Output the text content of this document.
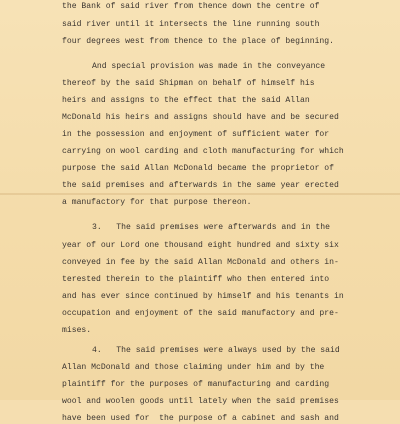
the Bank of said river from thence down the centre of
said river until it intersects the line running south
four degrees west from thence to the place of beginning.
And special provision was made in the conveyance
thereof by the said Shipman on behalf of himself his
heirs and assigns to the effect that the said Allan
McDonald his heirs and assigns should have and be secured
in the possession and enjoyment of sufficient water for
carrying on wool carding and cloth manufacturing for which
purpose the said Allan McDonald became the proprietor of
the said premises and afterwards in the same year erected
a manufactory for that purpose thereon.
3.   The said premises were afterwards and in the
year of our Lord one thousand eight hundred and sixty six
conveyed in fee by the said Allan McDonald and others in-
terested therein to the plaintiff who then entered into
and has ever since continued by himself and his tenants in
occupation and enjoyment of the said manufactory and pre-
mises.
4.   The said premises were always used by the said
Allan McDonald and those claiming under him and by the
plaintiff for the purposes of manufacturing and carding
wool and woolen goods until lately when the said premises
have been used for  the purpose of a cabinet and sash and
